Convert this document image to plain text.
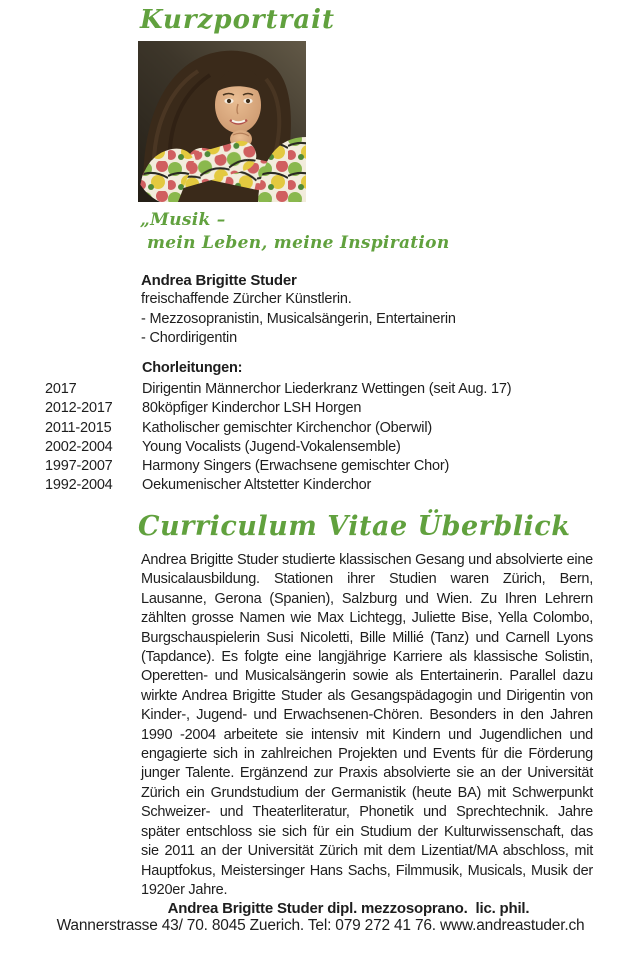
Kurzportrait
„Musik –
mein Leben, meine Inspiration
Andrea Brigitte Studer
freischaffende Zürcher Künstlerin.
- Mezzosopranistin, Musicalsängerin, Entertainerin
- Chordirigentin
Chorleitungen:
2017	Dirigentin Männerchor Liederkranz Wettingen (seit Aug. 17)
2012-2017	80köpfiger Kinderchor LSH Horgen
2011-2015	Katholischer gemischter Kirchenchor (Oberwil)
2002-2004	Young Vocalists (Jugend-Vokalensemble)
1997-2007	Harmony Singers (Erwachsene gemischter Chor)
1992-2004	Oekumenischer Altstetter Kinderchor
Curriculum Vitae Überblick
Andrea Brigitte Studer studierte klassischen Gesang und absolvierte eine Musicalausbildung. Stationen ihrer Studien waren Zürich, Bern, Lausanne, Gerona (Spanien), Salzburg und Wien. Zu Ihren Lehrern zählten grosse Namen wie Max Lichtegg, Juliette Bise, Yella Colombo, Burgschauspielerin Susi Nicoletti, Bille Millié (Tanz) und Carnell Lyons (Tapdance). Es folgte eine langjährige Karriere als klassische Solistin, Operetten- und Musicalsängerin sowie als Entertainerin. Parallel dazu wirkte Andrea Brigitte Studer als Gesangspädagogin und Dirigentin von Kinder-, Jugend- und Erwachsenen-Chören. Besonders in den Jahren 1990 -2004 arbeitete sie intensiv mit Kindern und Jugendlichen und engagierte sich in zahlreichen Projekten und Events für die Förderung junger Talente. Ergänzend zur Praxis absolvierte sie an der Universität Zürich ein Grundstudium der Germanistik (heute BA) mit Schwerpunkt Schweizer- und Theaterliteratur, Phonetik und Sprechtechnik. Jahre später entschloss sie sich für ein Studium der Kulturwissenschaft, das sie 2011 an der Universität Zürich mit dem Lizentiat/MA abschloss, mit Hauptfokus, Meistersinger Hans Sachs, Filmmusik, Musicals, Musik der 1920er Jahre.
Andrea Brigitte Studer dipl. mezzosoprano.  lic. phil.
Wannerstrasse 43/ 70. 8045 Zuerich. Tel: 079 272 41 76. www.andreastuder.ch
